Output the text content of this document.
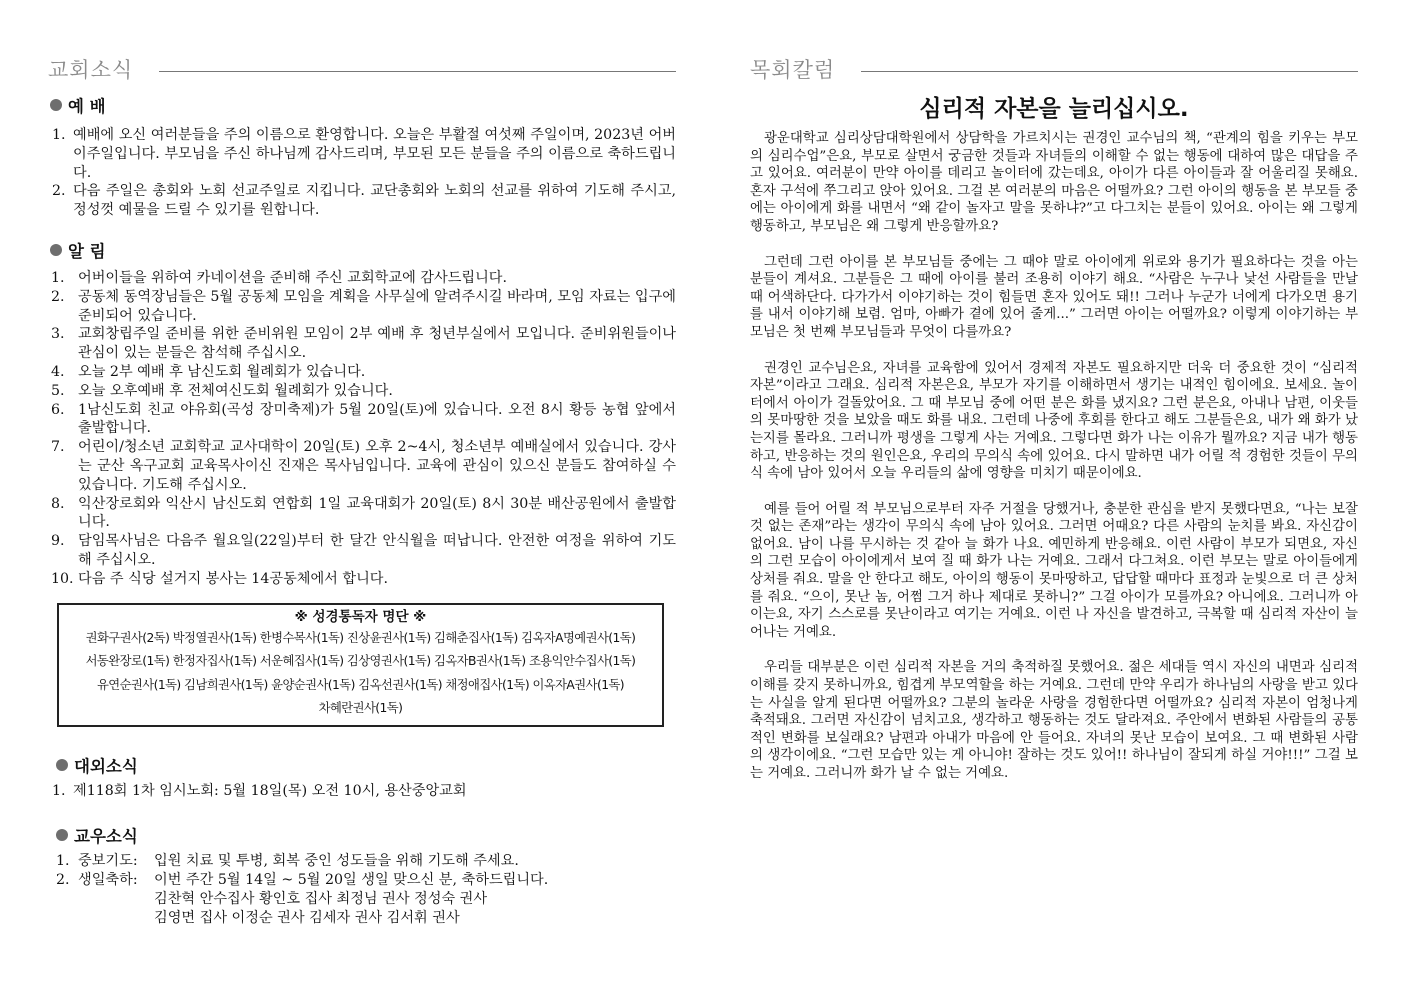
교회소식
예 배
1. 예배에 오신 여러분들을 주의 이름으로 환영합니다. 오늘은 부활절 여섯째 주일이며, 2023년 어버이주일입니다. 부모님을 주신 하나님께 감사드리며, 부모된 모든 분들을 주의 이름으로 축하드립니다.
2. 다음 주일은 총회와 노회 선교주일로 지킵니다. 교단총회와 노회의 선교를 위하여 기도해 주시고, 정성껏 예물을 드릴 수 있기를 원합니다.
알 림
1. 어버이들을 위하여 카네이션을 준비해 주신 교회학교에 감사드립니다.
2. 공동체 동역장님들은 5월 공동체 모임을 계획을 사무실에 알려주시길 바라며, 모임 자료는 입구에 준비되어 있습니다.
3. 교회창립주일 준비를 위한 준비위원 모임이 2부 예배 후 청년부실에서 모입니다. 준비위원들이나 관심이 있는 분들은 참석해 주십시오.
4. 오늘 2부 예배 후 남신도회 월례회가 있습니다.
5. 오늘 오후예배 후 전체여신도회 월례회가 있습니다.
6. 1남신도회 친교 야유회(곡성 장미축제)가 5월 20일(토)에 있습니다. 오전 8시 황등 농협 앞에서 출발합니다.
7. 어린이/청소년 교회학교 교사대학이 20일(토) 오후 2~4시, 청소년부 예배실에서 있습니다. 강사는 군산 옥구교회 교육목사이신 진재은 목사님입니다. 교육에 관심이 있으신 분들도 참여하실 수 있습니다. 기도해 주십시오.
8. 익산장로회와 익산시 남신도회 연합회 1일 교육대회가 20일(토) 8시 30분 배산공원에서 출발합니다.
9. 담임목사님은 다음주 월요일(22일)부터 한 달간 안식월을 떠납니다. 안전한 여정을 위하여 기도해 주십시오.
10. 다음 주 식당 설거지 봉사는 14공동체에서 합니다.
※ 성경통독자 명단 ※
권화구권사(2독) 박정열권사(1독) 한병수목사(1독) 진상윤권사(1독) 김해춘집사(1독) 김옥자A명예권사(1독)
서동완장로(1독) 한정자집사(1독) 서운혜집사(1독) 김상영권사(1독) 김옥자B권사(1독) 조용익안수집사(1독)
유연순권사(1독) 김남희권사(1독) 윤양순권사(1독) 김옥선권사(1독) 채정애집사(1독) 이옥자A권사(1독)
차혜란권사(1독)
대외소식
1. 제118회 1차 임시노회: 5월 18일(목) 오전 10시, 용산중앙교회
교우소식
1. 중보기도:	입원 치료 및 투병, 회복 중인 성도들을 위해 기도해 주세요.
2. 생일축하:	이번 주간 5월 14일 ~ 5월 20일 생일 맞으신 분, 축하드립니다.
김찬혁 안수집사 황인호 집사 최정님 권사 정성숙 권사
김영면 집사 이정순 권사 김세자 권사 김서휘 권사
목회칼럼
심리적 자본을 늘리십시오.

광운대학교 심리상담대학원에서 상담학을 가르치시는 권경인 교수님의 책, “관계의 힘을 키우는 부모의 심리수업”은요, 부모로 살면서 궁금한 것들과 자녀들의 이해할 수 없는 행동에 대하여 많은 대답을 주고 있어요. 여러분이 만약 아이를 데리고 놀이터에 갔는데요, 아이가 다른 아이들과 잘 어울리질 못해요. 혼자 구석에 쭈그리고 앉아 있어요. 그걸 본 여러분의 마음은 어떨까요? 그런 아이의 행동을 본 부모들 중에는 아이에게 화를 내면서 “왜 같이 놀자고 말을 못하냐?”고 다그치는 분들이 있어요. 아이는 왜 그렇게 행동하고, 부모님은 왜 그렇게 반응할까요?

그런데 그런 아이를 본 부모님들 중에는 그 때야 말로 아이에게 위로와 용기가 필요하다는 것을 아는 분들이 계셔요. 그분들은 그 때에 아이를 불러 조용히 이야기 해요. “사람은 누구나 낯선 사람들을 만날 때 어색하단다. 다가가서 이야기하는 것이 힘들면 혼자 있어도 돼!! 그러나 누군가 너에게 다가오면 용기를 내서 이야기해 보렴. 엄마, 아빠가 곁에 있어 줄게...” 그러면 아이는 어떨까요? 이렇게 이야기하는 부모님은 첫 번째 부모님들과 무엇이 다를까요?

권경인 교수님은요, 자녀를 교육함에 있어서 경제적 자본도 필요하지만 더욱 더 중요한 것이 “심리적 자본”이라고 그래요. 심리적 자본은요, 부모가 자기를 이해하면서 생기는 내적인 힘이에요. 보세요. 놀이터에서 아이가 걸돌았어요. 그 때 부모님 중에 어떤 분은 화를 냈지요? 그런 분은요, 아내나 남편, 이웃들의 못마땅한 것을 보았을 때도 화를 내요. 그런데 나중에 후회를 한다고 해도 그분들은요, 내가 왜 화가 났는지를 몰라요. 그러니까 평생을 그렇게 사는 거예요. 그렇다면 화가 나는 이유가 뭘까요? 지금 내가 행동하고, 반응하는 것의 원인은요, 우리의 무의식 속에 있어요. 다시 말하면 내가 어릴 적 경험한 것들이 무의식 속에 남아 있어서 오늘 우리들의 삶에 영향을 미치기 때문이에요.

예를 들어 어릴 적 부모님으로부터 자주 거절을 당했거나, 충분한 관심을 받지 못했다면요, “나는 보잘 것 없는 존재”라는 생각이 무의식 속에 남아 있어요. 그러면 어때요? 다른 사람의 눈치를 봐요. 자신감이 없어요. 남이 나를 무시하는 것 같아 늘 화가 나요. 예민하게 반응해요. 이런 사람이 부모가 되면요, 자신의 그런 모습이 아이에게서 보여 질 때 화가 나는 거예요. 그래서 다그쳐요. 이런 부모는 말로 아이들에게 상처를 줘요. 말을 안 한다고 해도, 아이의 행동이 못마땅하고, 답답할 때마다 표정과 눈빛으로 더 큰 상처를 줘요. “으이, 못난 놈, 어쩜 그거 하나 제대로 못하니?” 그걸 아이가 모를까요? 아니에요. 그러니까 아이는요, 자기 스스로를 못난이라고 여기는 거예요. 이런 나 자신을 발견하고, 극복할 때 심리적 자산이 늘어나는 거예요.

우리들 대부분은 이런 심리적 자본을 거의 축적하질 못했어요. 젊은 세대들 역시 자신의 내면과 심리적 이해를 갖지 못하니까요, 힘겹게 부모역할을 하는 거예요. 그런데 만약 우리가 하나님의 사랑을 받고 있다는 사실을 알게 된다면 어떨까요? 그분의 놀라운 사랑을 경험한다면 어떨까요? 심리적 자본이 엄청나게 축적돼요. 그러면 자신감이 넘치고요, 생각하고 행동하는 것도 달라져요. 주안에서 변화된 사람들의 공통적인 변화를 보실래요? 남편과 아내가 마음에 안 들어요. 자녀의 못난 모습이 보여요. 그 때 변화된 사람의 생각이에요. “그런 모습만 있는 게 아니야! 잘하는 것도 있어!! 하나님이 잘되게 하실 거야!!!” 그걸 보는 거예요. 그러니까 화가 날 수 없는 거예요.
